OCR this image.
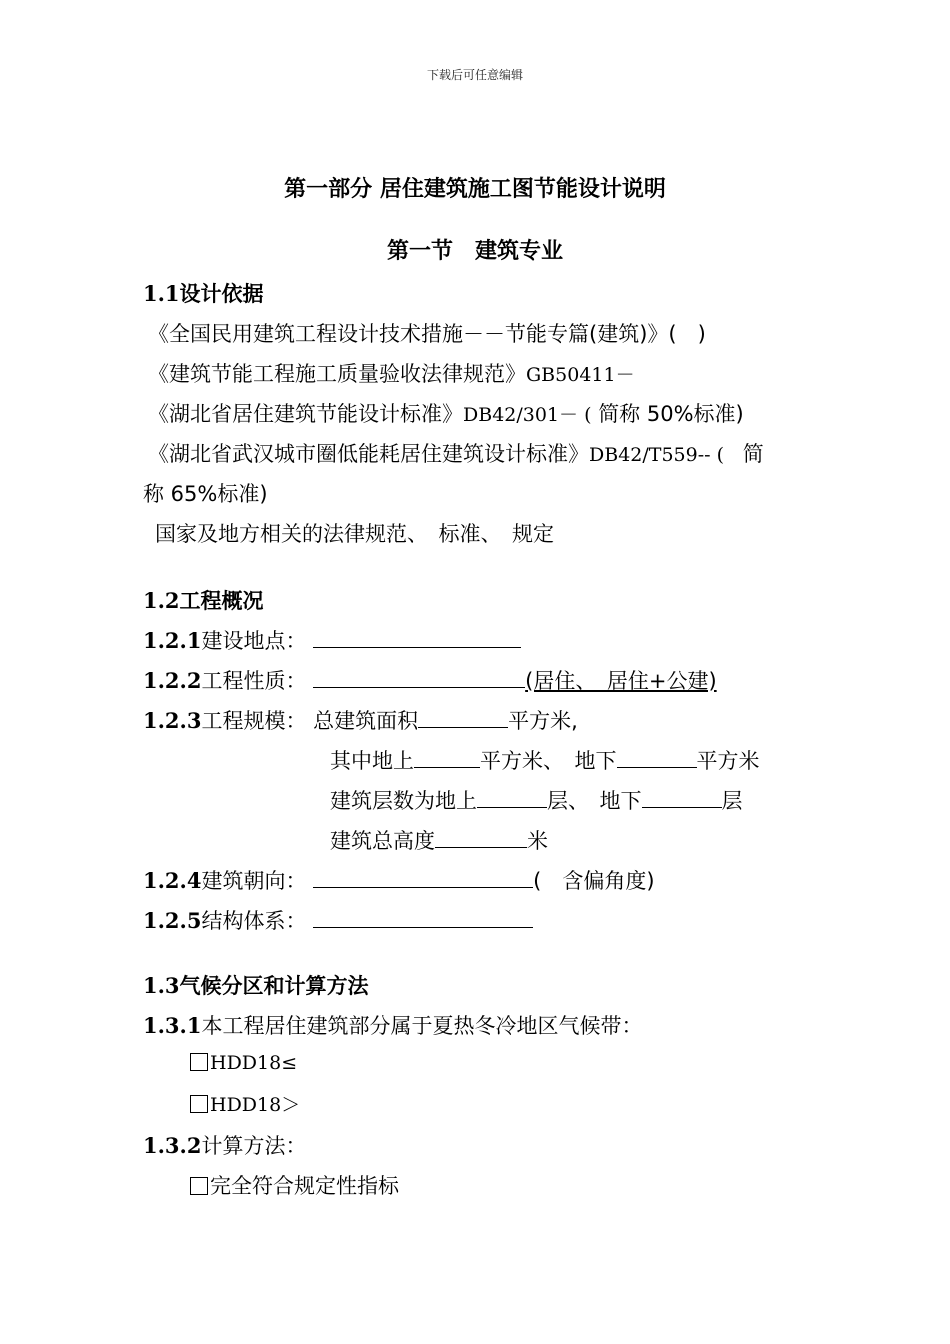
下载后可任意编辑
第一部分 居住建筑施工图节能设计说明
第一节　建筑专业
1.1设计依据
《全国民用建筑工程设计技术措施－－节能专篇(建筑)》(　)
《建筑节能工程施工质量验收法律规范》GB50411－
《湖北省居住建筑节能设计标准》DB42/301－ ( 简称 50%标准)
《湖北省武汉城市圈低能耗居住建筑设计标准》DB42/T559-- ( 简
称 65%标准)
国家及地方相关的法律规范、　标准、　规定
1.2工程概况
1.2.1建设地点：
1.2.2工程性质：	(居住、　居住+公建)
1.2.3工程规模： 总建筑面积	平方米,
其中地上	平方米、　地下	平方米
建筑层数为地上	层、　地下	层
建筑总高度	米
1.2.4建筑朝向：	(　含偏角度)
1.2.5结构体系：
1.3气候分区和计算方法
1.3.1本工程居住建筑部分属于夏热冬冷地区气候带：
HDD18≤
HDD18＞
1.3.2计算方法：
完全符合规定性指标
